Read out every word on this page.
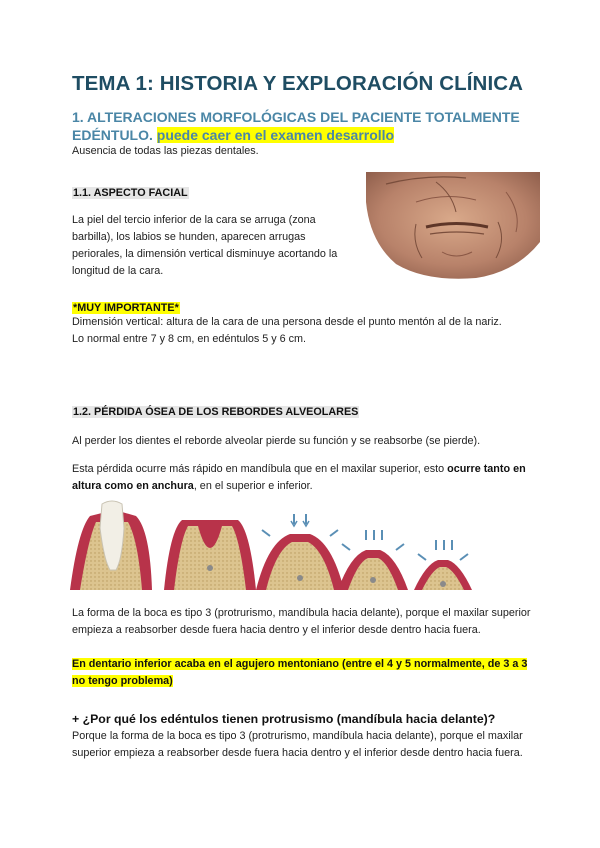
TEMA 1: HISTORIA Y EXPLORACIÓN CLÍNICA
1. ALTERACIONES MORFOLÓGICAS DEL PACIENTE TOTALMENTE EDÉNTULO. puede caer en el examen desarrollo
Ausencia de todas las piezas dentales.
1.1. ASPECTO FACIAL
La piel del tercio inferior de la cara se arruga (zona barbilla), los labios se hunden, aparecen arrugas periorales, la dimensión vertical disminuye acortando la longitud de la cara.
*MUY IMPORTANTE*
Dimensión vertical: altura de la cara de una persona desde el punto mentón al de la nariz.
Lo normal entre 7 y 8 cm, en edéntulos 5 y 6 cm.
1.2. PÉRDIDA ÓSEA DE LOS REBORDES ALVEOLARES
Al perder los dientes el reborde alveolar pierde su función y se reabsorbe (se pierde).
Esta pérdida ocurre más rápido en mandíbula que en el maxilar superior, esto ocurre tanto en altura como en anchura, en el superior e inferior.
La forma de la boca es tipo 3 (protrurismo, mandíbula hacia delante), porque el maxilar superior empieza a reabsorber desde fuera hacia dentro y el inferior desde dentro hacia fuera.
En dentario inferior acaba en el agujero mentoniano (entre el 4 y 5 normalmente, de 3 a 3 no tengo problema)
+ ¿Por qué los edéntulos tienen protrusismo (mandíbula hacia delante)?
Porque la forma de la boca es tipo 3 (protrurismo, mandíbula hacia delante), porque el maxilar superior empieza a reabsorber desde fuera hacia dentro y el inferior desde dentro hacia fuera.
